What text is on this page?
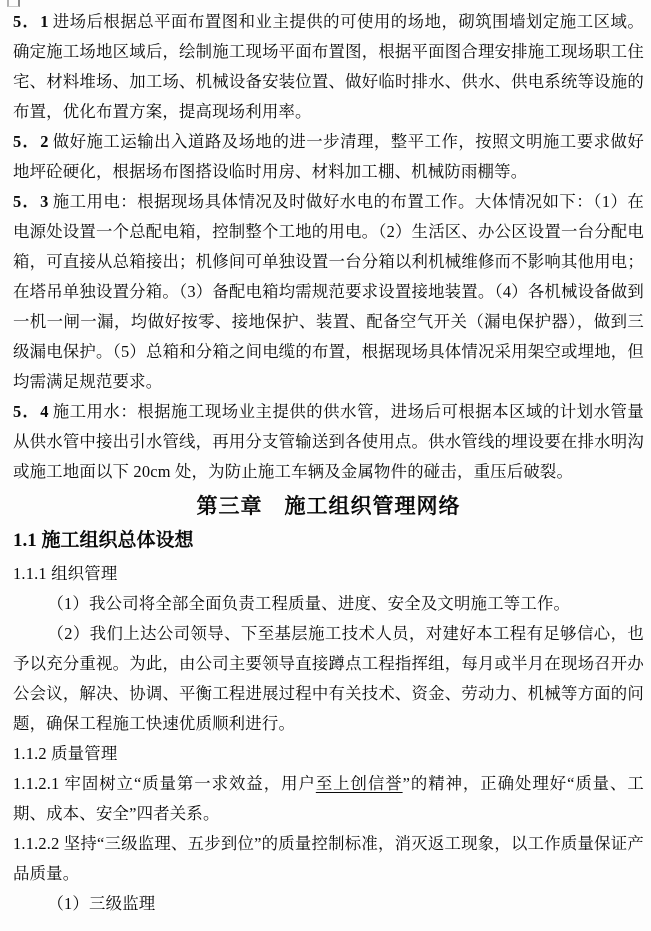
5．1 进场后根据总平面布置图和业主提供的可使用的场地，砌筑围墙划定施工区域。确定施工场地区域后，绘制施工现场平面布置图，根据平面图合理安排施工现场职工住宅、材料堆场、加工场、机械设备安装位置、做好临时排水、供水、供电系统等设施的布置，优化布置方案，提高现场利用率。

5．2 做好施工运输出入道路及场地的进一步清理，整平工作，按照文明施工要求做好地坪砼硬化，根据场布图搭设临时用房、材料加工棚、机械防雨棚等。

5．3 施工用电：根据现场具体情况及时做好水电的布置工作。大体情况如下：（1）在电源处设置一个总配电箱，控制整个工地的用电。（2）生活区、办公区设置一台分配电箱，可直接从总箱接出；机修间可单独设置一台分箱以利机械维修而不影响其他用电；在塔吊单独设置分箱。（3）备配电箱均需规范要求设置接地装置。（4）各机械设备做到一机一闸一漏，均做好按零、接地保护、装置、配备空气开关（漏电保护器），做到三级漏电保护。（5）总箱和分箱之间电缆的布置，根据现场具体情况采用架空或埋地，但均需满足规范要求。

5．4 施工用水：根据施工现场业主提供的供水管，进场后可根据本区域的计划水管量从供水管中接出引水管线，再用分支管输送到各使用点。供水管线的埋设要在排水明沟或施工地面以下 20cm 处，为防止施工车辆及金属物件的碰击，重压后破裂。

第三章　施工组织管理网络
1.1 施工组织总体设想

1.1.1 组织管理

（1）我公司将全部全面负责工程质量、进度、安全及文明施工等工作。

（2）我们上达公司领导、下至基层施工技术人员，对建好本工程有足够信心，也予以充分重视。为此，由公司主要领导直接蹲点工程指挥组，每月或半月在现场召开办公会议，解决、协调、平衡工程进展过程中有关技术、资金、劳动力、机械等方面的问题，确保工程施工快速优质顺利进行。

1.1.2 质量管理

1.1.2.1 牢固树立“质量第一求效益，用户至上创信誉”的精神，正确处理好“质量、工期、成本、安全”四者关系。

1.1.2.2 坚持“三级监理、五步到位”的质量控制标准，消灭返工现象，以工作质量保证产品质量。

（1）三级监理
